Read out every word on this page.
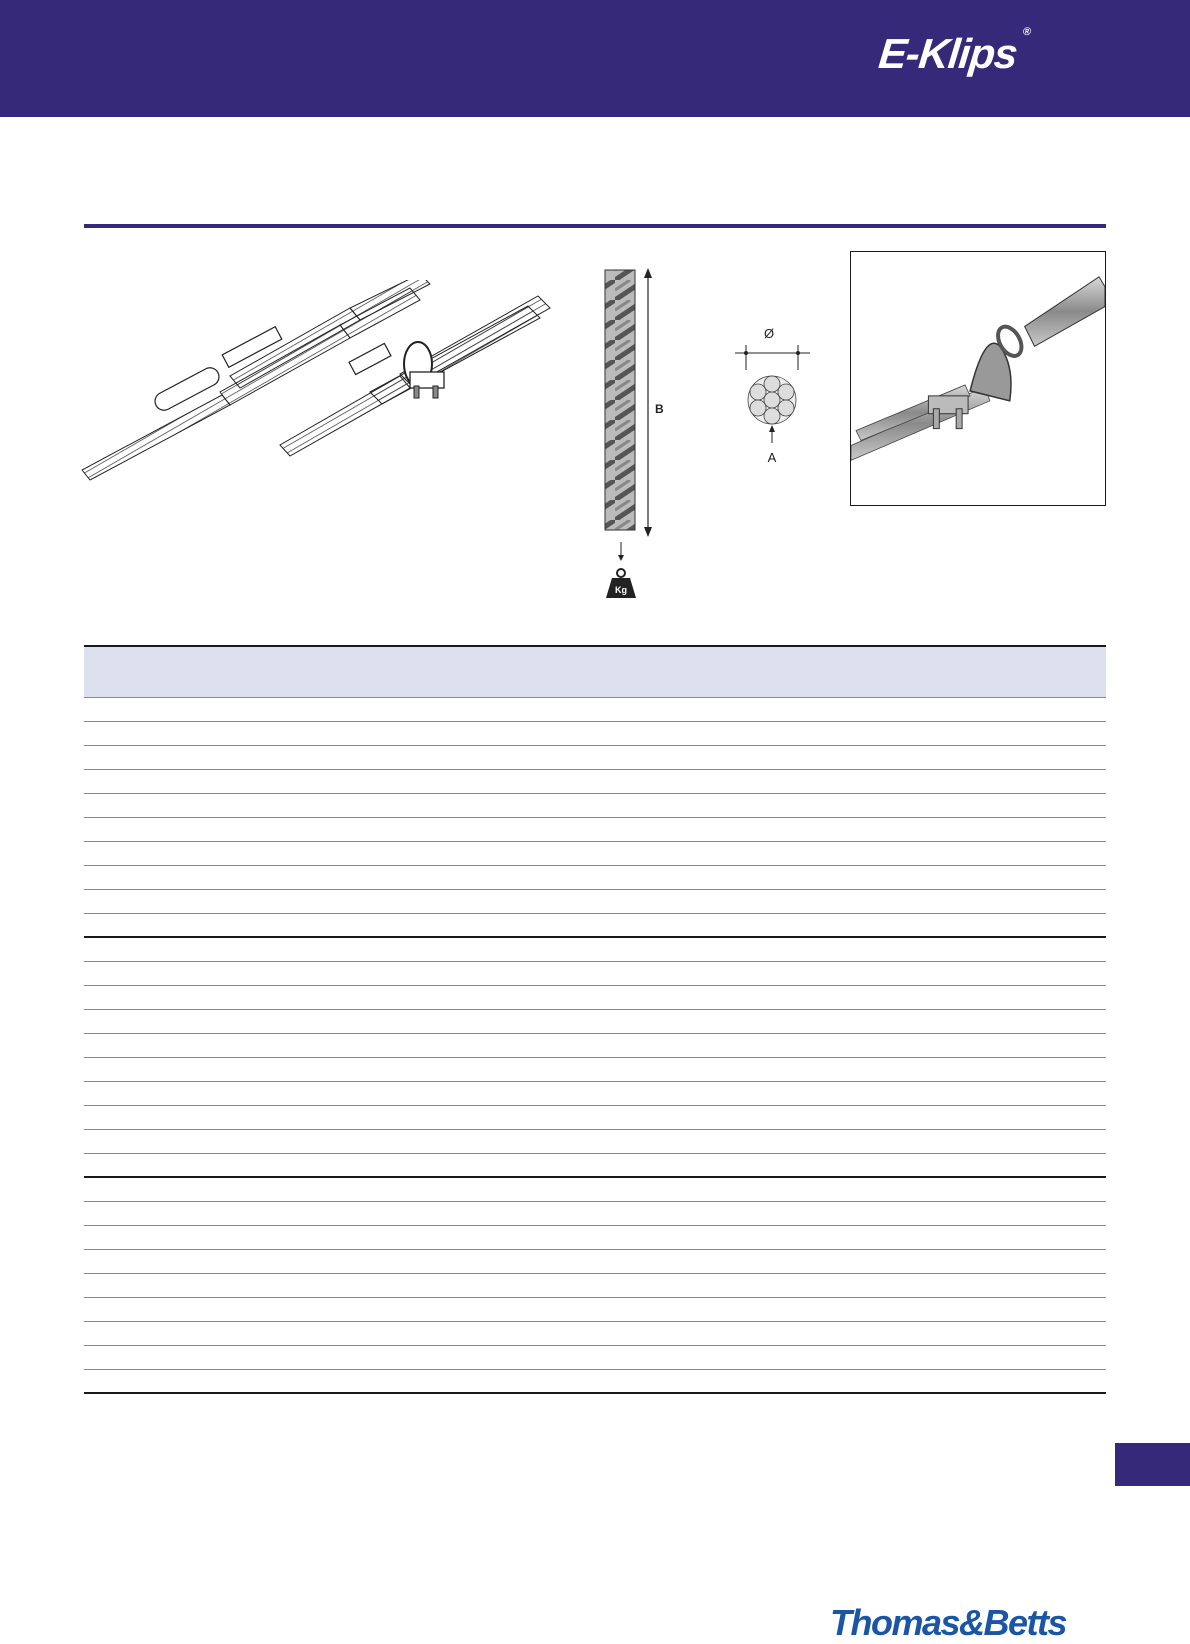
E-Klips ®
B
Kg
Ø
A
Thomas&Betts
